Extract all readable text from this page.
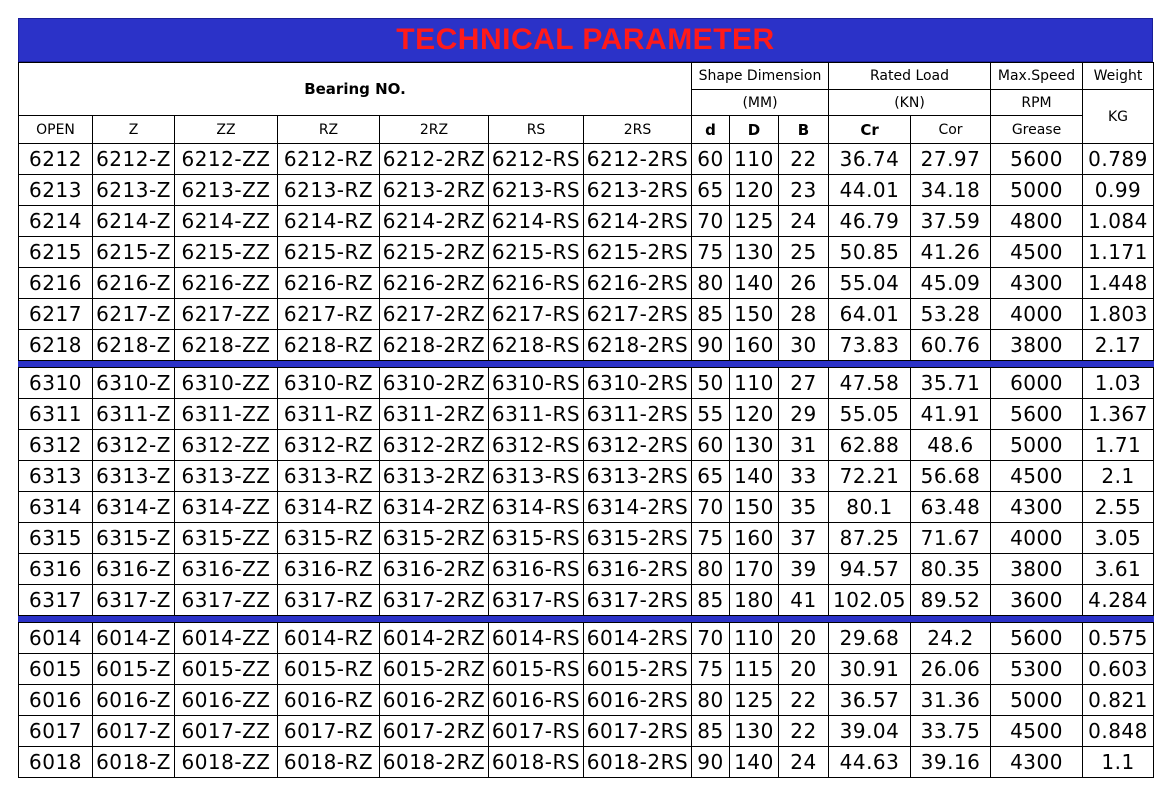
TECHNICAL PARAMETER
Bearing NO.							Shape Dimension			Rated Load		Max.Speed	Weight
							(MM)			(KN)		RPM	KG
OPEN	Z	ZZ	RZ	2RZ	RS	2RS	d	D	B	Cr	Cor	Grease	
6212	6212-Z	6212-ZZ	6212-RZ	6212-2RZ	6212-RS	6212-2RS	60	110	22	36.74	27.97	5600	0.789
6213	6213-Z	6213-ZZ	6213-RZ	6213-2RZ	6213-RS	6213-2RS	65	120	23	44.01	34.18	5000	0.99
6214	6214-Z	6214-ZZ	6214-RZ	6214-2RZ	6214-RS	6214-2RS	70	125	24	46.79	37.59	4800	1.084
6215	6215-Z	6215-ZZ	6215-RZ	6215-2RZ	6215-RS	6215-2RS	75	130	25	50.85	41.26	4500	1.171
6216	6216-Z	6216-ZZ	6216-RZ	6216-2RZ	6216-RS	6216-2RS	80	140	26	55.04	45.09	4300	1.448
6217	6217-Z	6217-ZZ	6217-RZ	6217-2RZ	6217-RS	6217-2RS	85	150	28	64.01	53.28	4000	1.803
6218	6218-Z	6218-ZZ	6218-RZ	6218-2RZ	6218-RS	6218-2RS	90	160	30	73.83	60.76	3800	2.17

6310	6310-Z	6310-ZZ	6310-RZ	6310-2RZ	6310-RS	6310-2RS	50	110	27	47.58	35.71	6000	1.03
6311	6311-Z	6311-ZZ	6311-RZ	6311-2RZ	6311-RS	6311-2RS	55	120	29	55.05	41.91	5600	1.367
6312	6312-Z	6312-ZZ	6312-RZ	6312-2RZ	6312-RS	6312-2RS	60	130	31	62.88	48.6	5000	1.71
6313	6313-Z	6313-ZZ	6313-RZ	6313-2RZ	6313-RS	6313-2RS	65	140	33	72.21	56.68	4500	2.1
6314	6314-Z	6314-ZZ	6314-RZ	6314-2RZ	6314-RS	6314-2RS	70	150	35	80.1	63.48	4300	2.55
6315	6315-Z	6315-ZZ	6315-RZ	6315-2RZ	6315-RS	6315-2RS	75	160	37	87.25	71.67	4000	3.05
6316	6316-Z	6316-ZZ	6316-RZ	6316-2RZ	6316-RS	6316-2RS	80	170	39	94.57	80.35	3800	3.61
6317	6317-Z	6317-ZZ	6317-RZ	6317-2RZ	6317-RS	6317-2RS	85	180	41	102.05	89.52	3600	4.284

6014	6014-Z	6014-ZZ	6014-RZ	6014-2RZ	6014-RS	6014-2RS	70	110	20	29.68	24.2	5600	0.575
6015	6015-Z	6015-ZZ	6015-RZ	6015-2RZ	6015-RS	6015-2RS	75	115	20	30.91	26.06	5300	0.603
6016	6016-Z	6016-ZZ	6016-RZ	6016-2RZ	6016-RS	6016-2RS	80	125	22	36.57	31.36	5000	0.821
6017	6017-Z	6017-ZZ	6017-RZ	6017-2RZ	6017-RS	6017-2RS	85	130	22	39.04	33.75	4500	0.848
6018	6018-Z	6018-ZZ	6018-RZ	6018-2RZ	6018-RS	6018-2RS	90	140	24	44.63	39.16	4300	1.1
